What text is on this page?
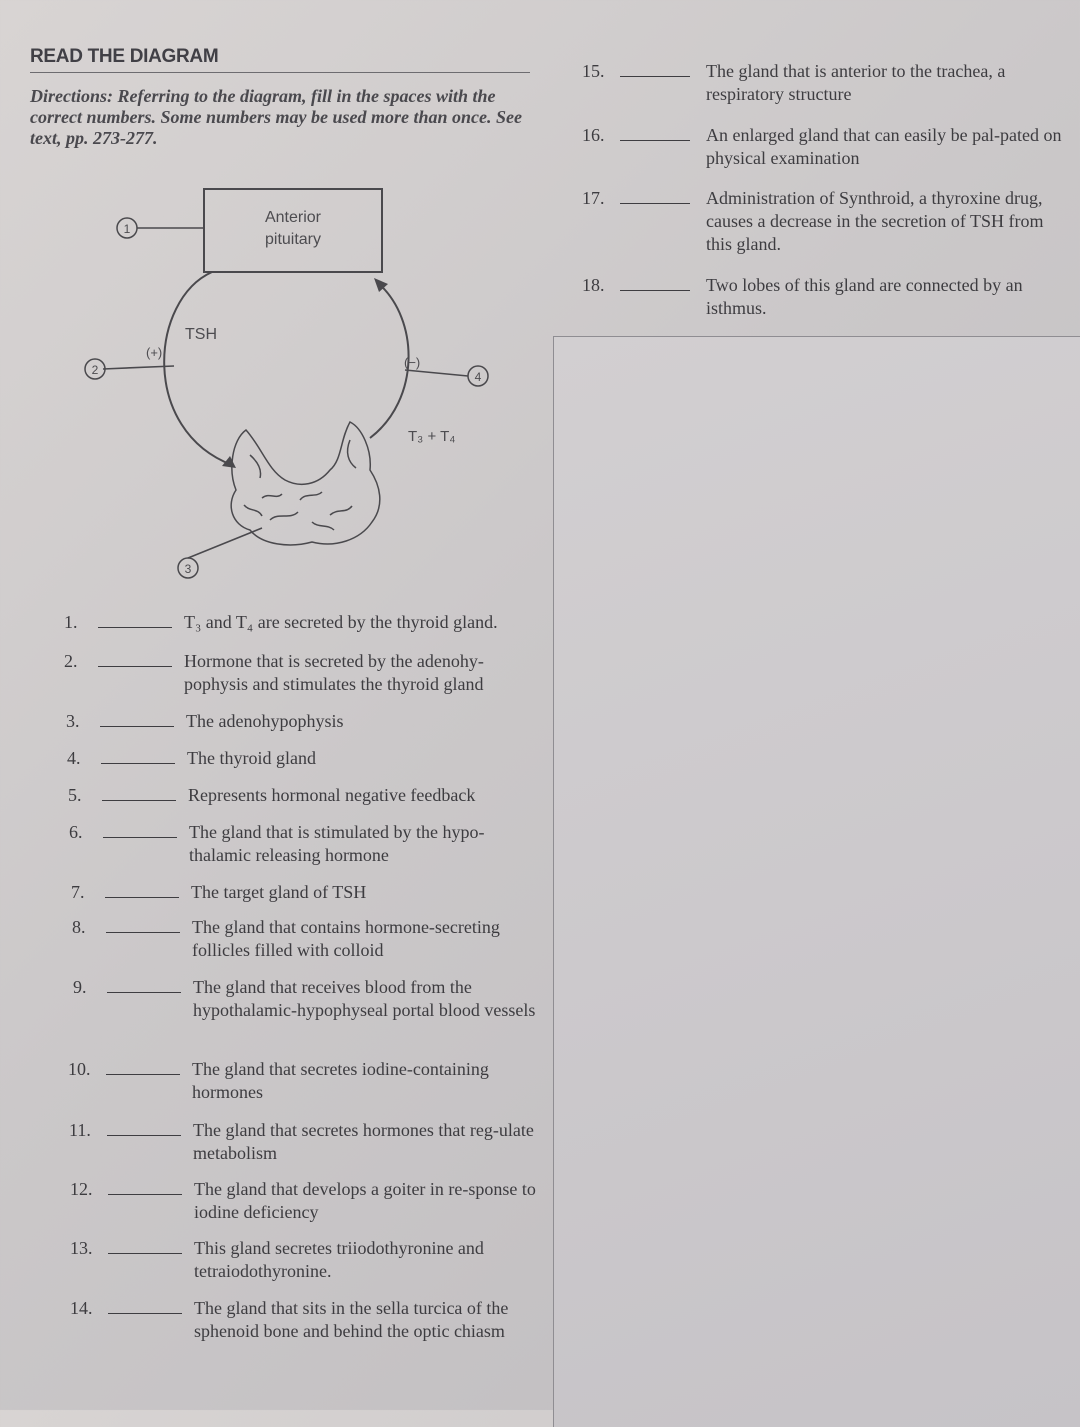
READ THE DIAGRAM
Directions: Referring to the diagram, fill in the spaces with the correct numbers. Some numbers may be used more than once. See text, pp. 273-277.
Anterior
pituitary
1
TSH
(+)
2	(−)
4
T₃ + T₄
3
1.	T₃ and T₄ are secreted by the thyroid gland.
2.	Hormone that is secreted by the adenohy-pophysis and stimulates the thyroid gland
3.	The adenohypophysis
4.	The thyroid gland
5.	Represents hormonal negative feedback
6.	The gland that is stimulated by the hypo-thalamic releasing hormone
7.	The target gland of TSH
8.	The gland that contains hormone-secreting follicles filled with colloid
9.	The gland that receives blood from the hypothalamic-hypophyseal portal blood vessels
10.	The gland that secretes iodine-containing hormones
11.	The gland that secretes hormones that reg-ulate metabolism
12.	The gland that develops a goiter in re-sponse to iodine deficiency
13.	This gland secretes triiodothyronine and tetraiodothyronine.
14.	The gland that sits in the sella turcica of the sphenoid bone and behind the optic chiasm
15.	The gland that is anterior to the trachea, a respiratory structure
16.	An enlarged gland that can easily be pal-pated on physical examination
17.	Administration of Synthroid, a thyroxine drug, causes a decrease in the secretion of TSH from this gland.
18.	Two lobes of this gland are connected by an isthmus.
